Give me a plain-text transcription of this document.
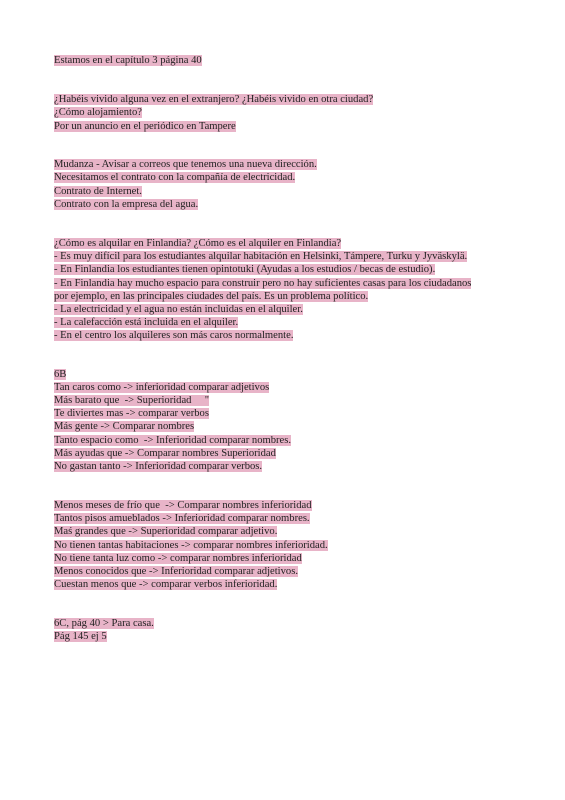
Estamos en el capítulo 3 página 40
¿Habéis vivido alguna vez en el extranjero? ¿Habéis vivido en otra ciudad?
¿Cómo alojamiento?
Por un anuncio en el periódico en Tampere
Mudanza - Avisar a correos que tenemos una nueva dirección.
Necesitamos el contrato con la compañía de electricidad.
Contrato de Internet.
Contrato con la empresa del agua.
¿Cómo es alquilar en Finlandia? ¿Cómo es el alquiler en Finlandia?
- Es muy difícil para los estudiantes alquilar habitación en Helsinki, Támpere, Turku y Jyväskylä.
- En Finlandia los estudiantes tienen opintotuki (Ayudas a los estudios / becas de estudio).
- En Finlandia hay mucho espacio para construir pero no hay suficientes casas para los ciudadanos
por ejemplo, en las principales ciudades del país. Es un problema político.
- La electricidad y el agua no están incluidas en el alquiler.
- La calefacción está incluida en el alquiler.
- En el centro los alquileres son más caros normalmente.
6B
Tan caros como -> inferioridad comparar adjetivos
Más barato que  -> Superioridad     "
Te diviertes mas -> comparar verbos
Más gente -> Comparar nombres
Tanto espacio como  -> Inferioridad comparar nombres.
Más ayudas que -> Comparar nombres Superioridad
No gastan tanto -> Inferioridad comparar verbos.
Menos meses de frío que  -> Comparar nombres inferioridad
Tantos pisos amueblados -> Inferioridad comparar nombres.
Maś grandes que -> Superioridad comparar adjetivo.
No tienen tantas habitaciones -> comparar nombres inferioridad.
No tiene tanta luz como -> comparar nombres inferioridad
Menos conocidos que -> Inferioridad comparar adjetivos.
Cuestan menos que -> comparar verbos inferioridad.
6C, pág 40 > Para casa.
Pág 145 ej 5
